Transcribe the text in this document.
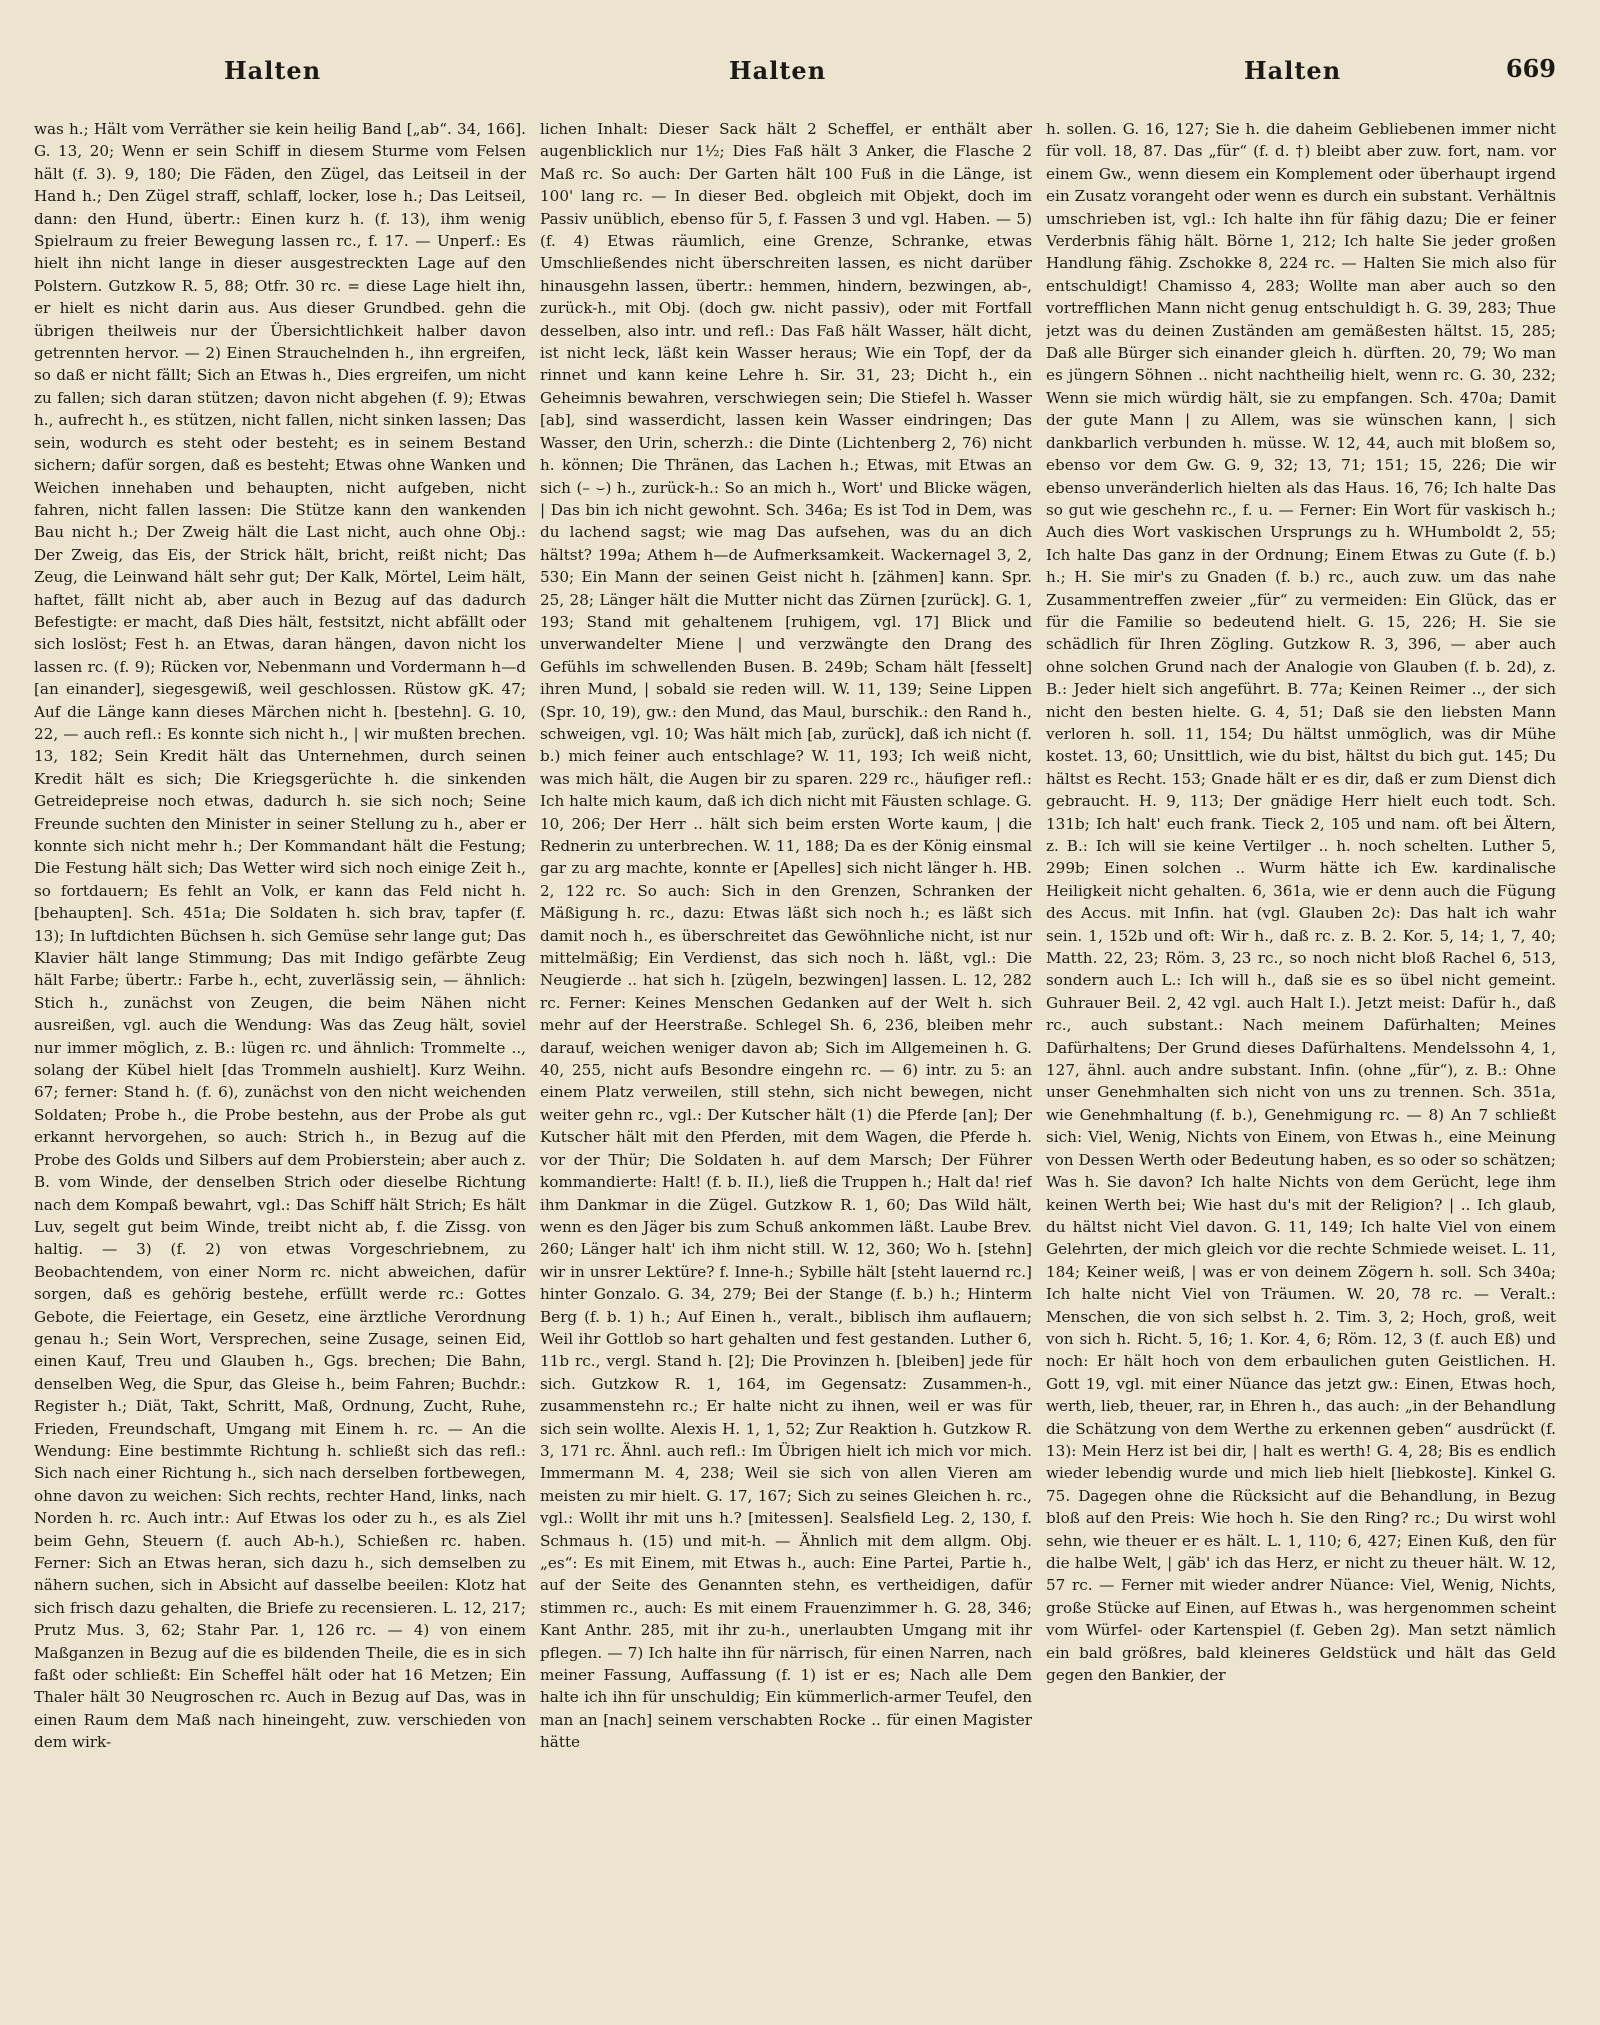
Halten	Halten	Halten	669

was h.; Hält vom Verräther sie kein heilig Band [„ab“. 34, 166]. G. 13, 20; Wenn er sein Schiff in diesem Sturme vom Felsen hält (f. 3). 9, 180; Die Fäden, den Zügel, das Leitseil in der Hand h.; Den Zügel straff, schlaff, locker, lose h.; Das Leitseil, dann: den Hund, übertr.: Einen kurz h. (f. 13), ihm wenig Spielraum zu freier Bewegung lassen rc., f. 17. — Unperf.: Es hielt ihn nicht lange in dieser ausgestreckten Lage auf den Polstern. Gutzkow R. 5, 88; Otfr. 30 rc. = diese Lage hielt ihn, er hielt es nicht darin aus. Aus dieser Grundbed. gehn die übrigen theilweis nur der Übersichtlichkeit halber davon getrennten hervor. — 2) Einen Strauchelnden h., ihn ergreifen, so daß er nicht fällt; Sich an Etwas h., Dies ergreifen, um nicht zu fallen; sich daran stützen; davon nicht abgehen (f. 9); Etwas h., aufrecht h., es stützen, nicht fallen, nicht sinken lassen; Das sein, wodurch es steht oder besteht; es in seinem Bestand sichern; dafür sorgen, daß es besteht; Etwas ohne Wanken und Weichen innehaben und behaupten, nicht aufgeben, nicht fahren, nicht fallen lassen: Die Stütze kann den wankenden Bau nicht h.; Der Zweig hält die Last nicht, auch ohne Obj.: Der Zweig, das Eis, der Strick hält, bricht, reißt nicht; Das Zeug, die Leinwand hält sehr gut; Der Kalk, Mörtel, Leim hält, haftet, fällt nicht ab, aber auch in Bezug auf das dadurch Befestigte: er macht, daß Dies hält, festsitzt, nicht abfällt oder sich loslöst; Fest h. an Etwas, daran hängen, davon nicht los lassen rc. (f. 9); Rücken vor, Nebenmann und Vordermann h—d [an einander], siegesgewiß, weil geschlossen. Rüstow gK. 47; Auf die Länge kann dieses Märchen nicht h. [bestehn]. G. 10, 22, — auch refl.: Es konnte sich nicht h., | wir mußten brechen. 13, 182; Sein Kredit hält das Unternehmen, durch seinen Kredit hält es sich; Die Kriegsgerüchte h. die sinkenden Getreidepreise noch etwas, dadurch h. sie sich noch; Seine Freunde suchten den Minister in seiner Stellung zu h., aber er konnte sich nicht mehr h.; Der Kommandant hält die Festung; Die Festung hält sich; Das Wetter wird sich noch einige Zeit h., so fortdauern; Es fehlt an Volk, er kann das Feld nicht h. [behaupten]. Sch. 451a; Die Soldaten h. sich brav, tapfer (f. 13); In luftdichten Büchsen h. sich Gemüse sehr lange gut; Das Klavier hält lange Stimmung; Das mit Indigo gefärbte Zeug hält Farbe; übertr.: Farbe h., echt, zuverlässig sein, — ähnlich: Stich h., zunächst von Zeugen, die beim Nähen nicht ausreißen, vgl. auch die Wendung: Was das Zeug hält, soviel nur immer möglich, z. B.: lügen rc. und ähnlich: Trommelte .., solang der Kübel hielt [das Trommeln aushielt]. Kurz Weihn. 67; ferner: Stand h. (f. 6), zunächst von den nicht weichenden Soldaten; Probe h., die Probe bestehn, aus der Probe als gut erkannt hervorgehen, so auch: Strich h., in Bezug auf die Probe des Golds und Silbers auf dem Probierstein; aber auch z. B. vom Winde, der denselben Strich oder dieselbe Richtung nach dem Kompaß bewahrt, vgl.: Das Schiff hält Strich; Es hält Luv, segelt gut beim Winde, treibt nicht ab, f. die Zissg. von haltig. — 3) (f. 2) von etwas Vorgeschriebnem, zu Beobachtendem, von einer Norm rc. nicht abweichen, dafür sorgen, daß es gehörig bestehe, erfüllt werde rc.: Gottes Gebote, die Feiertage, ein Gesetz, eine ärztliche Verordnung genau h.; Sein Wort, Versprechen, seine Zusage, seinen Eid, einen Kauf, Treu und Glauben h., Ggs. brechen; Die Bahn, denselben Weg, die Spur, das Gleise h., beim Fahren; Buchdr.: Register h.; Diät, Takt, Schritt, Maß, Ordnung, Zucht, Ruhe, Frieden, Freundschaft, Umgang mit Einem h. rc. — An die Wendung: Eine bestimmte Richtung h. schließt sich das refl.: Sich nach einer Richtung h., sich nach derselben fortbewegen, ohne davon zu weichen: Sich rechts, rechter Hand, links, nach Norden h. rc. Auch intr.: Auf Etwas los oder zu h., es als Ziel beim Gehn, Steuern (f. auch Ab-h.), Schießen rc. haben. Ferner: Sich an Etwas heran, sich dazu h., sich demselben zu nähern suchen, sich in Absicht auf dasselbe beeilen: Klotz hat sich frisch dazu gehalten, die Briefe zu recensieren. L. 12, 217; Prutz Mus. 3, 62; Stahr Par. 1, 126 rc. — 4) von einem Maßganzen in Bezug auf die es bildenden Theile, die es in sich faßt oder schließt: Ein Scheffel hält oder hat 16 Metzen; Ein Thaler hält 30 Neugroschen rc. Auch in Bezug auf Das, was in einen Raum dem Maß nach hineingeht, zuw. verschieden von dem wirk-

lichen Inhalt: Dieser Sack hält 2 Scheffel, er enthält aber augenblicklich nur 1½; Dies Faß hält 3 Anker, die Flasche 2 Maß rc. So auch: Der Garten hält 100 Fuß in die Länge, ist 100' lang rc. — In dieser Bed. obgleich mit Objekt, doch im Passiv unüblich, ebenso für 5, f. Fassen 3 und vgl. Haben. — 5) (f. 4) Etwas räumlich, eine Grenze, Schranke, etwas Umschließendes nicht überschreiten lassen, es nicht darüber hinausgehn lassen, übertr.: hemmen, hindern, bezwingen, ab-, zurück-h., mit Obj. (doch gw. nicht passiv), oder mit Fortfall desselben, also intr. und refl.: Das Faß hält Wasser, hält dicht, ist nicht leck, läßt kein Wasser heraus; Wie ein Topf, der da rinnet und kann keine Lehre h. Sir. 31, 23; Dicht h., ein Geheimnis bewahren, verschwiegen sein; Die Stiefel h. Wasser [ab], sind wasserdicht, lassen kein Wasser eindringen; Das Wasser, den Urin, scherzh.: die Dinte (Lichtenberg 2, 76) nicht h. können; Die Thränen, das Lachen h.; Etwas, mit Etwas an sich (– ⌣) h., zurück-h.: So an mich h., Wort' und Blicke wägen, | Das bin ich nicht gewohnt. Sch. 346a; Es ist Tod in Dem, was du lachend sagst; wie mag Das aufsehen, was du an dich hältst? 199a; Athem h—de Aufmerksamkeit. Wackernagel 3, 2, 530; Ein Mann der seinen Geist nicht h. [zähmen] kann. Spr. 25, 28; Länger hält die Mutter nicht das Zürnen [zurück]. G. 1, 193; Stand mit gehaltenem [ruhigem, vgl. 17] Blick und unverwandelter Miene | und verzwängte den Drang des Gefühls im schwellenden Busen. B. 249b; Scham hält [fesselt] ihren Mund, | sobald sie reden will. W. 11, 139; Seine Lippen (Spr. 10, 19), gw.: den Mund, das Maul, burschik.: den Rand h., schweigen, vgl. 10; Was hält mich [ab, zurück], daß ich nicht (f. b.) mich feiner auch entschlage? W. 11, 193; Ich weiß nicht, was mich hält, die Augen bir zu sparen. 229 rc., häufiger refl.: Ich halte mich kaum, daß ich dich nicht mit Fäusten schlage. G. 10, 206; Der Herr .. hält sich beim ersten Worte kaum, | die Rednerin zu unterbrechen. W. 11, 188; Da es der König einsmal gar zu arg machte, konnte er [Apelles] sich nicht länger h. HB. 2, 122 rc. So auch: Sich in den Grenzen, Schranken der Mäßigung h. rc., dazu: Etwas läßt sich noch h.; es läßt sich damit noch h., es überschreitet das Gewöhnliche nicht, ist nur mittelmäßig; Ein Verdienst, das sich noch h. läßt, vgl.: Die Neugierde .. hat sich h. [zügeln, bezwingen] lassen. L. 12, 282 rc. Ferner: Keines Menschen Gedanken auf der Welt h. sich mehr auf der Heerstraße. Schlegel Sh. 6, 236, bleiben mehr darauf, weichen weniger davon ab; Sich im Allgemeinen h. G. 40, 255, nicht aufs Besondre eingehn rc. — 6) intr. zu 5: an einem Platz verweilen, still stehn, sich nicht bewegen, nicht weiter gehn rc., vgl.: Der Kutscher hält (1) die Pferde [an]; Der Kutscher hält mit den Pferden, mit dem Wagen, die Pferde h. vor der Thür; Die Soldaten h. auf dem Marsch; Der Führer kommandierte: Halt! (f. b. II.), ließ die Truppen h.; Halt da! rief ihm Dankmar in die Zügel. Gutzkow R. 1, 60; Das Wild hält, wenn es den Jäger bis zum Schuß ankommen läßt. Laube Brev. 260; Länger halt' ich ihm nicht still. W. 12, 360; Wo h. [stehn] wir in unsrer Lektüre? f. Inne-h.; Sybille hält [steht lauernd rc.] hinter Gonzalo. G. 34, 279; Bei der Stange (f. b.) h.; Hinterm Berg (f. b. 1) h.; Auf Einen h., veralt., biblisch ihm auflauern; Weil ihr Gottlob so hart gehalten und fest gestanden. Luther 6, 11b rc., vergl. Stand h. [2]; Die Provinzen h. [bleiben] jede für sich. Gutzkow R. 1, 164, im Gegensatz: Zusammen-h., zusammenstehn rc.; Er halte nicht zu ihnen, weil er was für sich sein wollte. Alexis H. 1, 1, 52; Zur Reaktion h. Gutzkow R. 3, 171 rc. Ähnl. auch refl.: Im Übrigen hielt ich mich vor mich. Immermann M. 4, 238; Weil sie sich von allen Vieren am meisten zu mir hielt. G. 17, 167; Sich zu seines Gleichen h. rc., vgl.: Wollt ihr mit uns h.? [mitessen]. Sealsfield Leg. 2, 130, f. Schmaus h. (15) und mit-h. — Ähnlich mit dem allgm. Obj. „es“: Es mit Einem, mit Etwas h., auch: Eine Partei, Partie h., auf der Seite des Genannten stehn, es vertheidigen, dafür stimmen rc., auch: Es mit einem Frauenzimmer h. G. 28, 346; Kant Anthr. 285, mit ihr zu-h., unerlaubten Umgang mit ihr pflegen. — 7) Ich halte ihn für närrisch, für einen Narren, nach meiner Fassung, Auffassung (f. 1) ist er es; Nach alle Dem halte ich ihn für unschuldig; Ein kümmerlich-armer Teufel, den man an [nach] seinem verschabten Rocke .. für einen Magister hätte

h. sollen. G. 16, 127; Sie h. die daheim Gebliebenen immer nicht für voll. 18, 87. Das „für“ (f. d. †) bleibt aber zuw. fort, nam. vor einem Gw., wenn diesem ein Komplement oder überhaupt irgend ein Zusatz vorangeht oder wenn es durch ein substant. Verhältnis umschrieben ist, vgl.: Ich halte ihn für fähig dazu; Die er feiner Verderbnis fähig hält. Börne 1, 212; Ich halte Sie jeder großen Handlung fähig. Zschokke 8, 224 rc. — Halten Sie mich also für entschuldigt! Chamisso 4, 283; Wollte man aber auch so den vortrefflichen Mann nicht genug entschuldigt h. G. 39, 283; Thue jetzt was du deinen Zuständen am gemäßesten hältst. 15, 285; Daß alle Bürger sich einander gleich h. dürften. 20, 79; Wo man es jüngern Söhnen .. nicht nachtheilig hielt, wenn rc. G. 30, 232; Wenn sie mich würdig hält, sie zu empfangen. Sch. 470a; Damit der gute Mann | zu Allem, was sie wünschen kann, | sich dankbarlich verbunden h. müsse. W. 12, 44, auch mit bloßem so, ebenso vor dem Gw. G. 9, 32; 13, 71; 151; 15, 226; Die wir ebenso unveränderlich hielten als das Haus. 16, 76; Ich halte Das so gut wie geschehn rc., f. u. — Ferner: Ein Wort für vaskisch h.; Auch dies Wort vaskischen Ursprungs zu h. WHumboldt 2, 55; Ich halte Das ganz in der Ordnung; Einem Etwas zu Gute (f. b.) h.; H. Sie mir's zu Gnaden (f. b.) rc., auch zuw. um das nahe Zusammentreffen zweier „für“ zu vermeiden: Ein Glück, das er für die Familie so bedeutend hielt. G. 15, 226; H. Sie sie schädlich für Ihren Zögling. Gutzkow R. 3, 396, — aber auch ohne solchen Grund nach der Analogie von Glauben (f. b. 2d), z. B.: Jeder hielt sich angeführt. B. 77a; Keinen Reimer .., der sich nicht den besten hielte. G. 4, 51; Daß sie den liebsten Mann verloren h. soll. 11, 154; Du hältst unmöglich, was dir Mühe kostet. 13, 60; Unsittlich, wie du bist, hältst du bich gut. 145; Du hältst es Recht. 153; Gnade hält er es dir, daß er zum Dienst dich gebraucht. H. 9, 113; Der gnädige Herr hielt euch todt. Sch. 131b; Ich halt' euch frank. Tieck 2, 105 und nam. oft bei Ältern, z. B.: Ich will sie keine Vertilger .. h. noch schelten. Luther 5, 299b; Einen solchen .. Wurm hätte ich Ew. kardinalische Heiligkeit nicht gehalten. 6, 361a, wie er denn auch die Fügung des Accus. mit Infin. hat (vgl. Glauben 2c): Das halt ich wahr sein. 1, 152b und oft: Wir h., daß rc. z. B. 2. Kor. 5, 14; 1, 7, 40; Matth. 22, 23; Röm. 3, 23 rc., so noch nicht bloß Rachel 6, 513, sondern auch L.: Ich will h., daß sie es so übel nicht gemeint. Guhrauer Beil. 2, 42 vgl. auch Halt I.). Jetzt meist: Dafür h., daß rc., auch substant.: Nach meinem Dafürhalten; Meines Dafürhaltens; Der Grund dieses Dafürhaltens. Mendelssohn 4, 1, 127, ähnl. auch andre substant. Infin. (ohne „für“), z. B.: Ohne unser Genehmhalten sich nicht von uns zu trennen. Sch. 351a, wie Genehmhaltung (f. b.), Genehmigung rc. — 8) An 7 schließt sich: Viel, Wenig, Nichts von Einem, von Etwas h., eine Meinung von Dessen Werth oder Bedeutung haben, es so oder so schätzen; Was h. Sie davon? Ich halte Nichts von dem Gerücht, lege ihm keinen Werth bei; Wie hast du's mit der Religion? | .. Ich glaub, du hältst nicht Viel davon. G. 11, 149; Ich halte Viel von einem Gelehrten, der mich gleich vor die rechte Schmiede weiset. L. 11, 184; Keiner weiß, | was er von deinem Zögern h. soll. Sch 340a; Ich halte nicht Viel von Träumen. W. 20, 78 rc. — Veralt.: Menschen, die von sich selbst h. 2. Tim. 3, 2; Hoch, groß, weit von sich h. Richt. 5, 16; 1. Kor. 4, 6; Röm. 12, 3 (f. auch Eß) und noch: Er hält hoch von dem erbaulichen guten Geistlichen. H. Gott 19, vgl. mit einer Nüance das jetzt gw.: Einen, Etwas hoch, werth, lieb, theuer, rar, in Ehren h., das auch: „in der Behandlung die Schätzung von dem Werthe zu erkennen geben“ ausdrückt (f. 13): Mein Herz ist bei dir, | halt es werth! G. 4, 28; Bis es endlich wieder lebendig wurde und mich lieb hielt [liebkoste]. Kinkel G. 75. Dagegen ohne die Rücksicht auf die Behandlung, in Bezug bloß auf den Preis: Wie hoch h. Sie den Ring? rc.; Du wirst wohl sehn, wie theuer er es hält. L. 1, 110; 6, 427; Einen Kuß, den für die halbe Welt, | gäb' ich das Herz, er nicht zu theuer hält. W. 12, 57 rc. — Ferner mit wieder andrer Nüance: Viel, Wenig, Nichts, große Stücke auf Einen, auf Etwas h., was hergenommen scheint vom Würfel- oder Kartenspiel (f. Geben 2g). Man setzt nämlich ein bald größres, bald kleineres Geldstück und hält das Geld gegen den Bankier, der
